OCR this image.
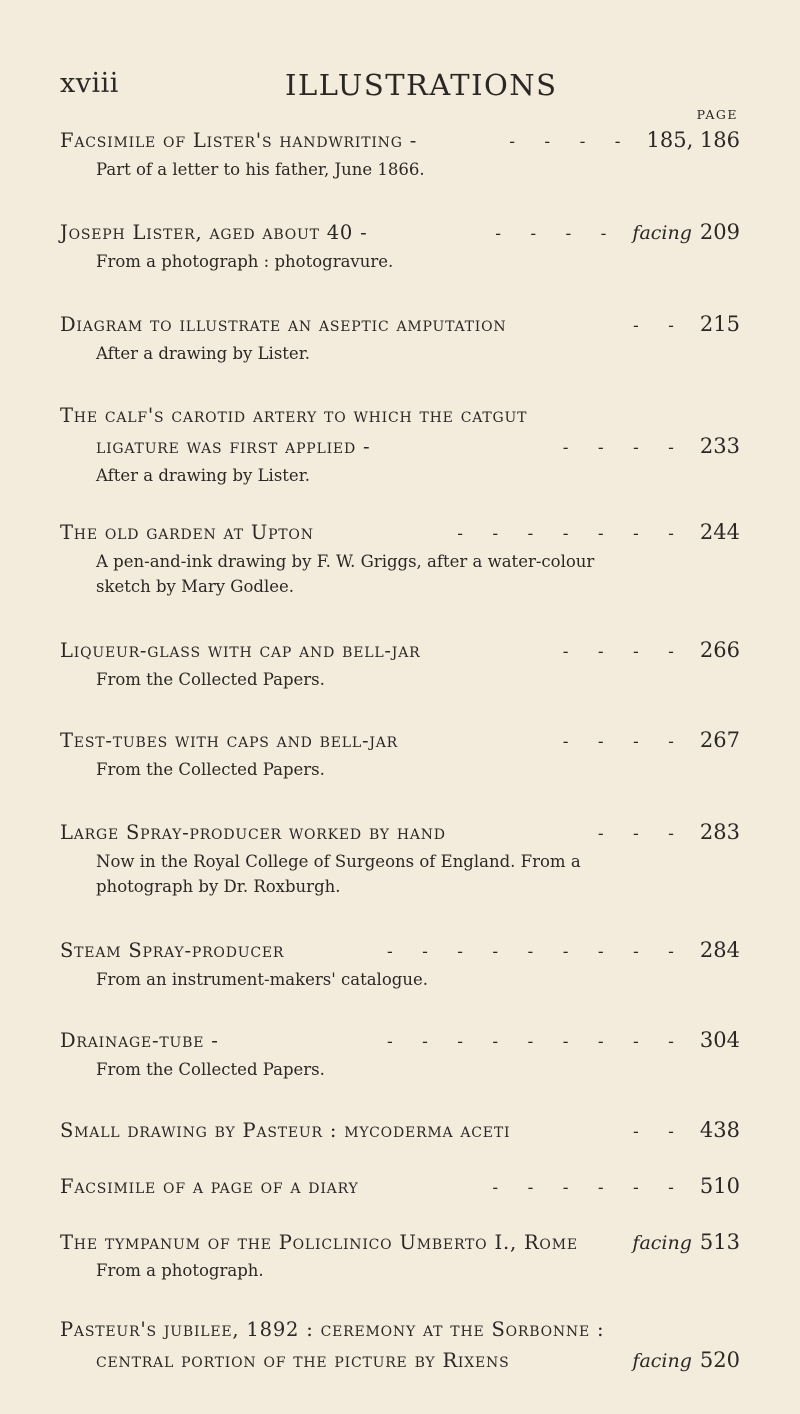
xviii	ILLUSTRATIONS
PAGE
Facsimile of Lister's handwriting -	- - - - 185, 186
Part of a letter to his father, June 1866.
Joseph Lister, aged about 40 -	- - - - facing 209
From a photograph : photogravure.
Diagram to illustrate an aseptic amputation	- - 215
After a drawing by Lister.
The calf's carotid artery to which the catgut
ligature was first applied -	- - - - 233
After a drawing by Lister.
The old garden at Upton	- - - - - - - 244
A pen-and-ink drawing by F. W. Griggs, after a water-colour sketch by Mary Godlee.
Liqueur-glass with cap and bell-jar	- - - - 266
From the Collected Papers.
Test-tubes with caps and bell-jar	- - - - 267
From the Collected Papers.
Large Spray-producer worked by hand	- - - 283
Now in the Royal College of Surgeons of England. From a photograph by Dr. Roxburgh.
Steam Spray-producer	- - - - - - - - - 284
From an instrument-makers' catalogue.
Drainage-tube -	- - - - - - - - - 304
From the Collected Papers.
Small drawing by Pasteur : mycoderma aceti	- - 438
Facsimile of a page of a diary	- - - - - - 510
The tympanum of the Policlinico Umberto I., Rome	facing 513
From a photograph.
Pasteur's jubilee, 1892 : ceremony at the Sorbonne :
central portion of the picture by Rixens	facing 520
